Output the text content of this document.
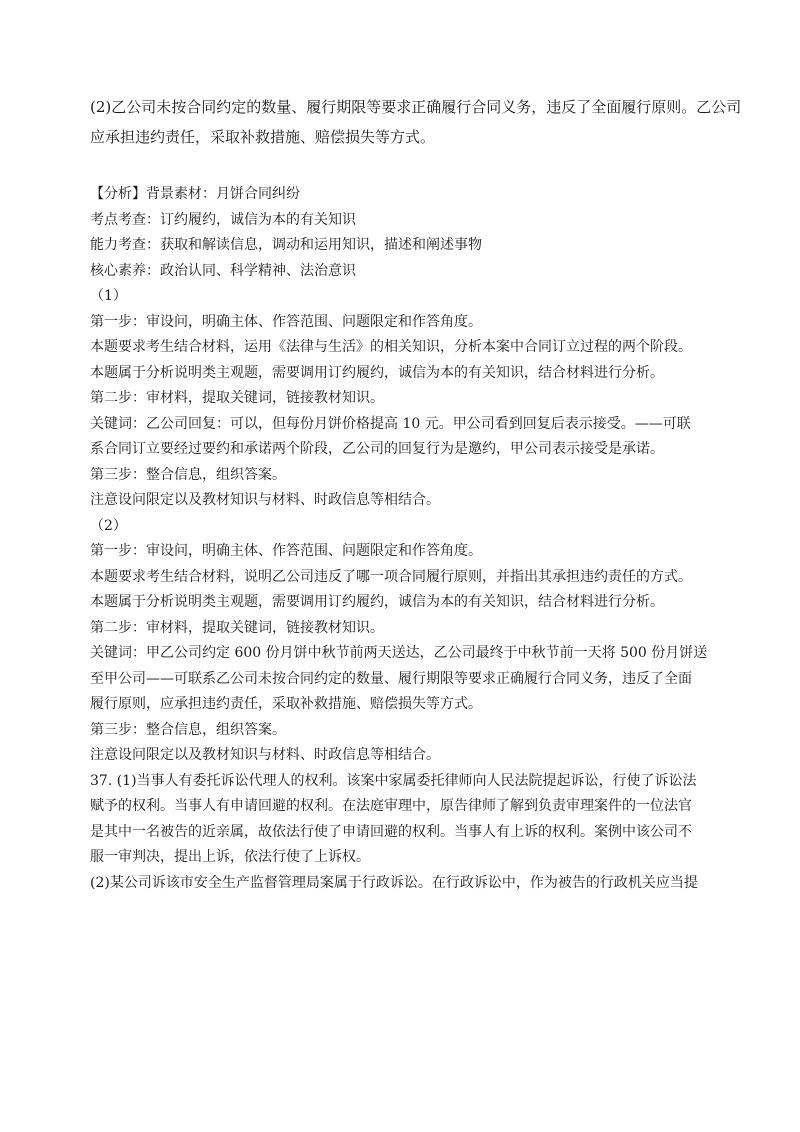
(2)乙公司未按合同约定的数量、履行期限等要求正确履行合同义务，违反了全面履行原则。乙公司

应承担违约责任，采取补救措施、赔偿损失等方式。

【分析】背景素材：月饼合同纠纷

考点考查：订约履约，诚信为本的有关知识

能力考查：获取和解读信息，调动和运用知识，描述和阐述事物

核心素养：政治认同、科学精神、法治意识

（1）

第一步：审设问，明确主体、作答范围、问题限定和作答角度。

本题要求考生结合材料，运用《法律与生活》的相关知识，分析本案中合同订立过程的两个阶段。

本题属于分析说明类主观题，需要调用订约履约，诚信为本的有关知识，结合材料进行分析。

第二步：审材料，提取关键词，链接教材知识。

关键词：乙公司回复：可以，但每份月饼价格提高 10 元。甲公司看到回复后表示接受。——可联

系合同订立要经过要约和承诺两个阶段，乙公司的回复行为是邀约，甲公司表示接受是承诺。

第三步：整合信息，组织答案。

注意设问限定以及教材知识与材料、时政信息等相结合。

（2）

第一步：审设问，明确主体、作答范围、问题限定和作答角度。

本题要求考生结合材料，说明乙公司违反了哪一项合同履行原则，并指出其承担违约责任的方式。

本题属于分析说明类主观题，需要调用订约履约，诚信为本的有关知识，结合材料进行分析。

第二步：审材料，提取关键词，链接教材知识。

关键词：甲乙公司约定 600 份月饼中秋节前两天送达，乙公司最终于中秋节前一天将 500 份月饼送

至甲公司——可联系乙公司未按合同约定的数量、履行期限等要求正确履行合同义务，违反了全面

履行原则，应承担违约责任，采取补救措施、赔偿损失等方式。

第三步：整合信息，组织答案。

注意设问限定以及教材知识与材料、时政信息等相结合。

37. (1)当事人有委托诉讼代理人的权利。该案中家属委托律师向人民法院提起诉讼，行使了诉讼法

赋予的权利。当事人有申请回避的权利。在法庭审理中，原告律师了解到负责审理案件的一位法官

是其中一名被告的近亲属，故依法行使了申请回避的权利。当事人有上诉的权利。案例中该公司不

服一审判决，提出上诉，依法行使了上诉权。

(2)某公司诉该市安全生产监督管理局案属于行政诉讼。在行政诉讼中，作为被告的行政机关应当提
